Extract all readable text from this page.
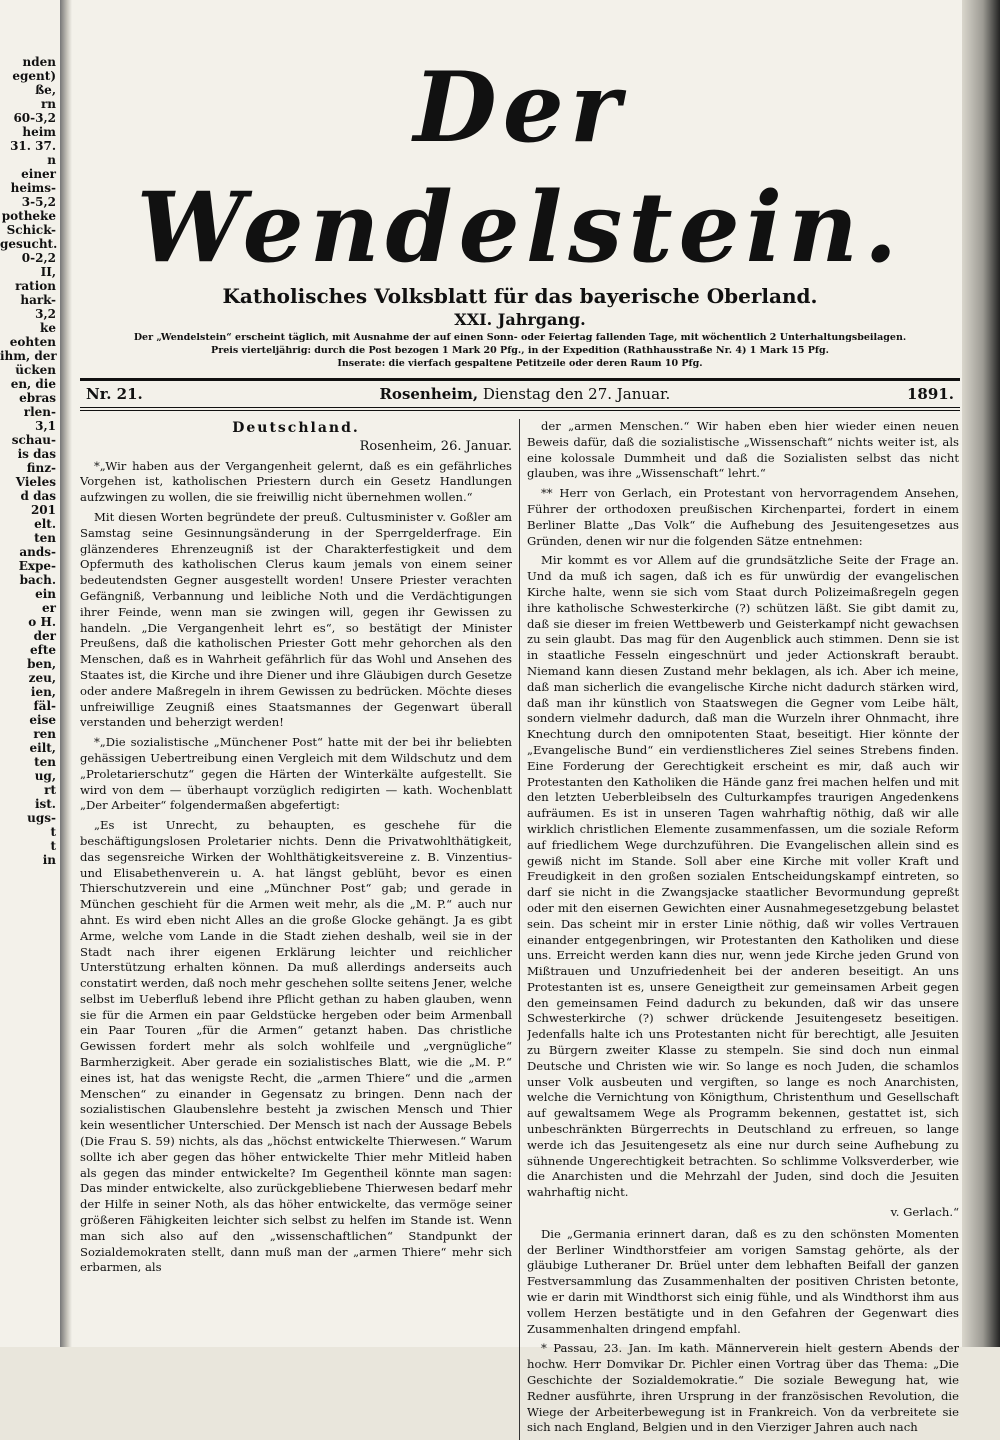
nden
egent)
ße,
rn
60-3,2
heim
31. 37.
n
einer
heims-
3-5,2
potheke
Schick-
gesucht.
0-2,2
II,
ration
hark-
3,2
ke
eohten
ihm, der
ücken
en, die
ebras
rlen-
3,1
schau-
is das
finz-
Vieles
d das
201
elt.
ten
ands-
Expe-
bach.
ein
er
o H.
der
efte
ben,
zeu,
ien,
fäl-
eise
ren
eilt,
ten
ug,
rt
ist.
ugs-
t
t
in
Der Wendelstein.
Katholisches Volksblatt für das bayerische Oberland.
XXI. Jahrgang.
Der „Wendelstein“ erscheint täglich, mit Ausnahme der auf einen Sonn- oder Feiertag fallenden Tage, mit wöchentlich 2 Unterhaltungsbeilagen.
Preis vierteljährig: durch die Post bezogen 1 Mark 20 Pfg., in der Expedition (Rathhausstraße Nr. 4) 1 Mark 15 Pfg.
Inserate: die vierfach gespaltene Petitzeile oder deren Raum 10 Pfg.
Nr. 21.	Rosenheim, Dienstag den 27. Januar.	1891.
Deutschland.
Rosenheim, 26. Januar.

*„Wir haben aus der Vergangenheit gelernt, daß es ein gefährliches Vorgehen ist, katholischen Priestern durch ein Gesetz Handlungen aufzwingen zu wollen, die sie freiwillig nicht übernehmen wollen.“

Mit diesen Worten begründete der preuß. Cultusminister v. Goßler am Samstag seine Gesinnungsänderung in der Sperrgelderfrage. Ein glänzenderes Ehrenzeugniß ist der Charakterfestigkeit und dem Opfermuth des katholischen Clerus kaum jemals von einem seiner bedeutendsten Gegner ausgestellt worden! Unsere Priester verachten Gefängniß, Verbannung und leibliche Noth und die Verdächtigungen ihrer Feinde, wenn man sie zwingen will, gegen ihr Gewissen zu handeln. „Die Vergangenheit lehrt es“, so bestätigt der Minister Preußens, daß die katholischen Priester Gott mehr gehorchen als den Menschen, daß es in Wahrheit gefährlich für das Wohl und Ansehen des Staates ist, die Kirche und ihre Diener und ihre Gläubigen durch Gesetze oder andere Maßregeln in ihrem Gewissen zu bedrücken. Möchte dieses unfreiwillige Zeugniß eines Staatsmannes der Gegenwart überall verstanden und beherzigt werden!

*„Die sozialistische „Münchener Post“ hatte mit der bei ihr beliebten gehässigen Uebertreibung einen Vergleich mit dem Wildschutz und dem „Proletarierschutz“ gegen die Härten der Winterkälte aufgestellt. Sie wird von dem — überhaupt vorzüglich redigirten — kath. Wochenblatt „Der Arbeiter“ folgendermaßen abgefertigt:

„Es ist Unrecht, zu behaupten, es geschehe für die beschäftigungslosen Proletarier nichts. Denn die Privatwohlthätigkeit, das segensreiche Wirken der Wohlthätigkeitsvereine z. B. Vinzentius- und Elisabethenverein u. A. hat längst geblüht, bevor es einen Thierschutzverein und eine „Münchner Post“ gab; und gerade in München geschieht für die Armen weit mehr, als die „M. P.“ auch nur ahnt. Es wird eben nicht Alles an die große Glocke gehängt. Ja es gibt Arme, welche vom Lande in die Stadt ziehen deshalb, weil sie in der Stadt nach ihrer eigenen Erklärung leichter und reichlicher Unterstützung erhalten können. Da muß allerdings anderseits auch constatirt werden, daß noch mehr geschehen sollte seitens Jener, welche selbst im Ueberfluß lebend ihre Pflicht gethan zu haben glauben, wenn sie für die Armen ein paar Geldstücke hergeben oder beim Armenball ein Paar Touren „für die Armen“ getanzt haben. Das christliche Gewissen fordert mehr als solch wohlfeile und „vergnügliche“ Barmherzigkeit. Aber gerade ein sozialistisches Blatt, wie die „M. P.“ eines ist, hat das wenigste Recht, die „armen Thiere“ und die „armen Menschen“ zu einander in Gegensatz zu bringen. Denn nach der sozialistischen Glaubenslehre besteht ja zwischen Mensch und Thier kein wesentlicher Unterschied. Der Mensch ist nach der Aussage Bebels (Die Frau S. 59) nichts, als das „höchst entwickelte Thierwesen.“ Warum sollte ich aber gegen das höher entwickelte Thier mehr Mitleid haben als gegen das minder entwickelte? Im Gegentheil könnte man sagen: Das minder entwickelte, also zurückgebliebene Thierwesen bedarf mehr der Hilfe in seiner Noth, als das höher entwickelte, das vermöge seiner größeren Fähigkeiten leichter sich selbst zu helfen im Stande ist. Wenn man sich also auf den „wissenschaftlichen“ Standpunkt der Sozialdemokraten stellt, dann muß man der „armen Thiere“ mehr sich erbarmen, als

der „armen Menschen.“ Wir haben eben hier wieder einen neuen Beweis dafür, daß die sozialistische „Wissenschaft“ nichts weiter ist, als eine kolossale Dummheit und daß die Sozialisten selbst das nicht glauben, was ihre „Wissenschaft“ lehrt.“

** Herr von Gerlach, ein Protestant von hervorragendem Ansehen, Führer der orthodoxen preußischen Kirchenpartei, fordert in einem Berliner Blatte „Das Volk“ die Aufhebung des Jesuitengesetzes aus Gründen, denen wir nur die folgenden Sätze entnehmen:

Mir kommt es vor Allem auf die grundsätzliche Seite der Frage an. Und da muß ich sagen, daß ich es für unwürdig der evangelischen Kirche halte, wenn sie sich vom Staat durch Polizeimaßregeln gegen ihre katholische Schwesterkirche (?) schützen läßt. Sie gibt damit zu, daß sie dieser im freien Wettbewerb und Geisterkampf nicht gewachsen zu sein glaubt. Das mag für den Augenblick auch stimmen. Denn sie ist in staatliche Fesseln eingeschnürt und jeder Actionskraft beraubt. Niemand kann diesen Zustand mehr beklagen, als ich. Aber ich meine, daß man sicherlich die evangelische Kirche nicht dadurch stärken wird, daß man ihr künstlich von Staatswegen die Gegner vom Leibe hält, sondern vielmehr dadurch, daß man die Wurzeln ihrer Ohnmacht, ihre Knechtung durch den omnipotenten Staat, beseitigt. Hier könnte der „Evangelische Bund“ ein verdienstlicheres Ziel seines Strebens finden. Eine Forderung der Gerechtigkeit erscheint es mir, daß auch wir Protestanten den Katholiken die Hände ganz frei machen helfen und mit den letzten Ueberbleibseln des Culturkampfes traurigen Angedenkens aufräumen. Es ist in unseren Tagen wahrhaftig nöthig, daß wir alle wirklich christlichen Elemente zusammenfassen, um die soziale Reform auf friedlichem Wege durchzuführen. Die Evangelischen allein sind es gewiß nicht im Stande. Soll aber eine Kirche mit voller Kraft und Freudigkeit in den großen sozialen Entscheidungskampf eintreten, so darf sie nicht in die Zwangsjacke staatlicher Bevormundung gepreßt oder mit den eisernen Gewichten einer Ausnahmegesetzgebung belastet sein. Das scheint mir in erster Linie nöthig, daß wir volles Vertrauen einander entgegenbringen, wir Protestanten den Katholiken und diese uns. Erreicht werden kann dies nur, wenn jede Kirche jeden Grund von Mißtrauen und Unzufriedenheit bei der anderen beseitigt. An uns Protestanten ist es, unsere Geneigtheit zur gemeinsamen Arbeit gegen den gemeinsamen Feind dadurch zu bekunden, daß wir das unsere Schwesterkirche (?) schwer drückende Jesuitengesetz beseitigen. Jedenfalls halte ich uns Protestanten nicht für berechtigt, alle Jesuiten zu Bürgern zweiter Klasse zu stempeln. Sie sind doch nun einmal Deutsche und Christen wie wir. So lange es noch Juden, die schamlos unser Volk ausbeuten und vergiften, so lange es noch Anarchisten, welche die Vernichtung von Königthum, Christenthum und Gesellschaft auf gewaltsamem Wege als Programm bekennen, gestattet ist, sich unbeschränkten Bürgerrechts in Deutschland zu erfreuen, so lange werde ich das Jesuitengesetz als eine nur durch seine Aufhebung zu sühnende Ungerechtigkeit betrachten. So schlimme Volksverderber, wie die Anarchisten und die Mehrzahl der Juden, sind doch die Jesuiten wahrhaftig nicht.

v. Gerlach.“

Die „Germania erinnert daran, daß es zu den schönsten Momenten der Berliner Windthorstfeier am vorigen Samstag gehörte, als der gläubige Lutheraner Dr. Brüel unter dem lebhaften Beifall der ganzen Festversammlung das Zusammenhalten der positiven Christen betonte, wie er darin mit Windthorst sich einig fühle, und als Windthorst ihm aus vollem Herzen bestätigte und in den Gefahren der Gegenwart dies Zusammenhalten dringend empfahl.

* Passau, 23. Jan. Im kath. Männerverein hielt gestern Abends der hochw. Herr Domvikar Dr. Pichler einen Vortrag über das Thema: „Die Geschichte der Sozialdemokratie.“ Die soziale Bewegung hat, wie Redner ausführte, ihren Ursprung in der französischen Revolution, die Wiege der Arbeiterbewegung ist in Frankreich. Von da verbreitete sie sich nach England, Belgien und in den Vierziger Jahren auch nach
